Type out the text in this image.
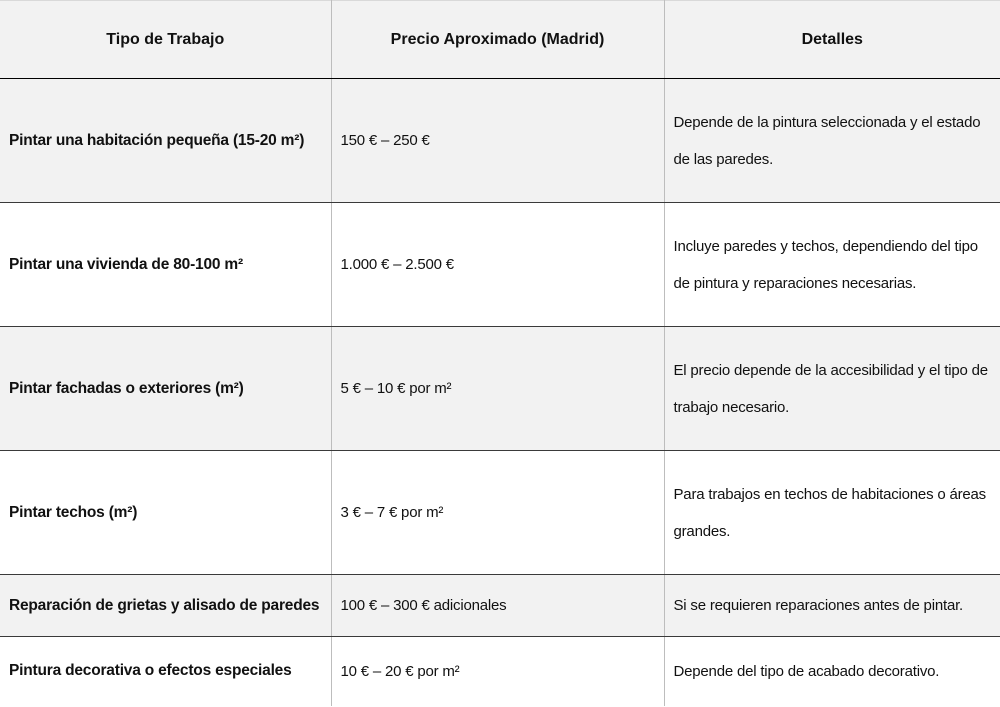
Tipo de Trabajo	Precio Aproximado (Madrid)	Detalles
Pintar una habitación pequeña (15-20 m²)	150 € – 250 €	Depende de la pintura seleccionada y el estado de las paredes.
Pintar una vivienda de 80-100 m²	1.000 € – 2.500 €	Incluye paredes y techos, dependiendo del tipo de pintura y reparaciones necesarias.
Pintar fachadas o exteriores (m²)	5 € – 10 € por m²	El precio depende de la accesibilidad y el tipo de trabajo necesario.
Pintar techos (m²)	3 € – 7 € por m²	Para trabajos en techos de habitaciones o áreas grandes.
Reparación de grietas y alisado de paredes	100 € – 300 € adicionales	Si se requieren reparaciones antes de pintar.
Pintura decorativa o efectos especiales	10 € – 20 € por m²	Depende del tipo de acabado decorativo.
